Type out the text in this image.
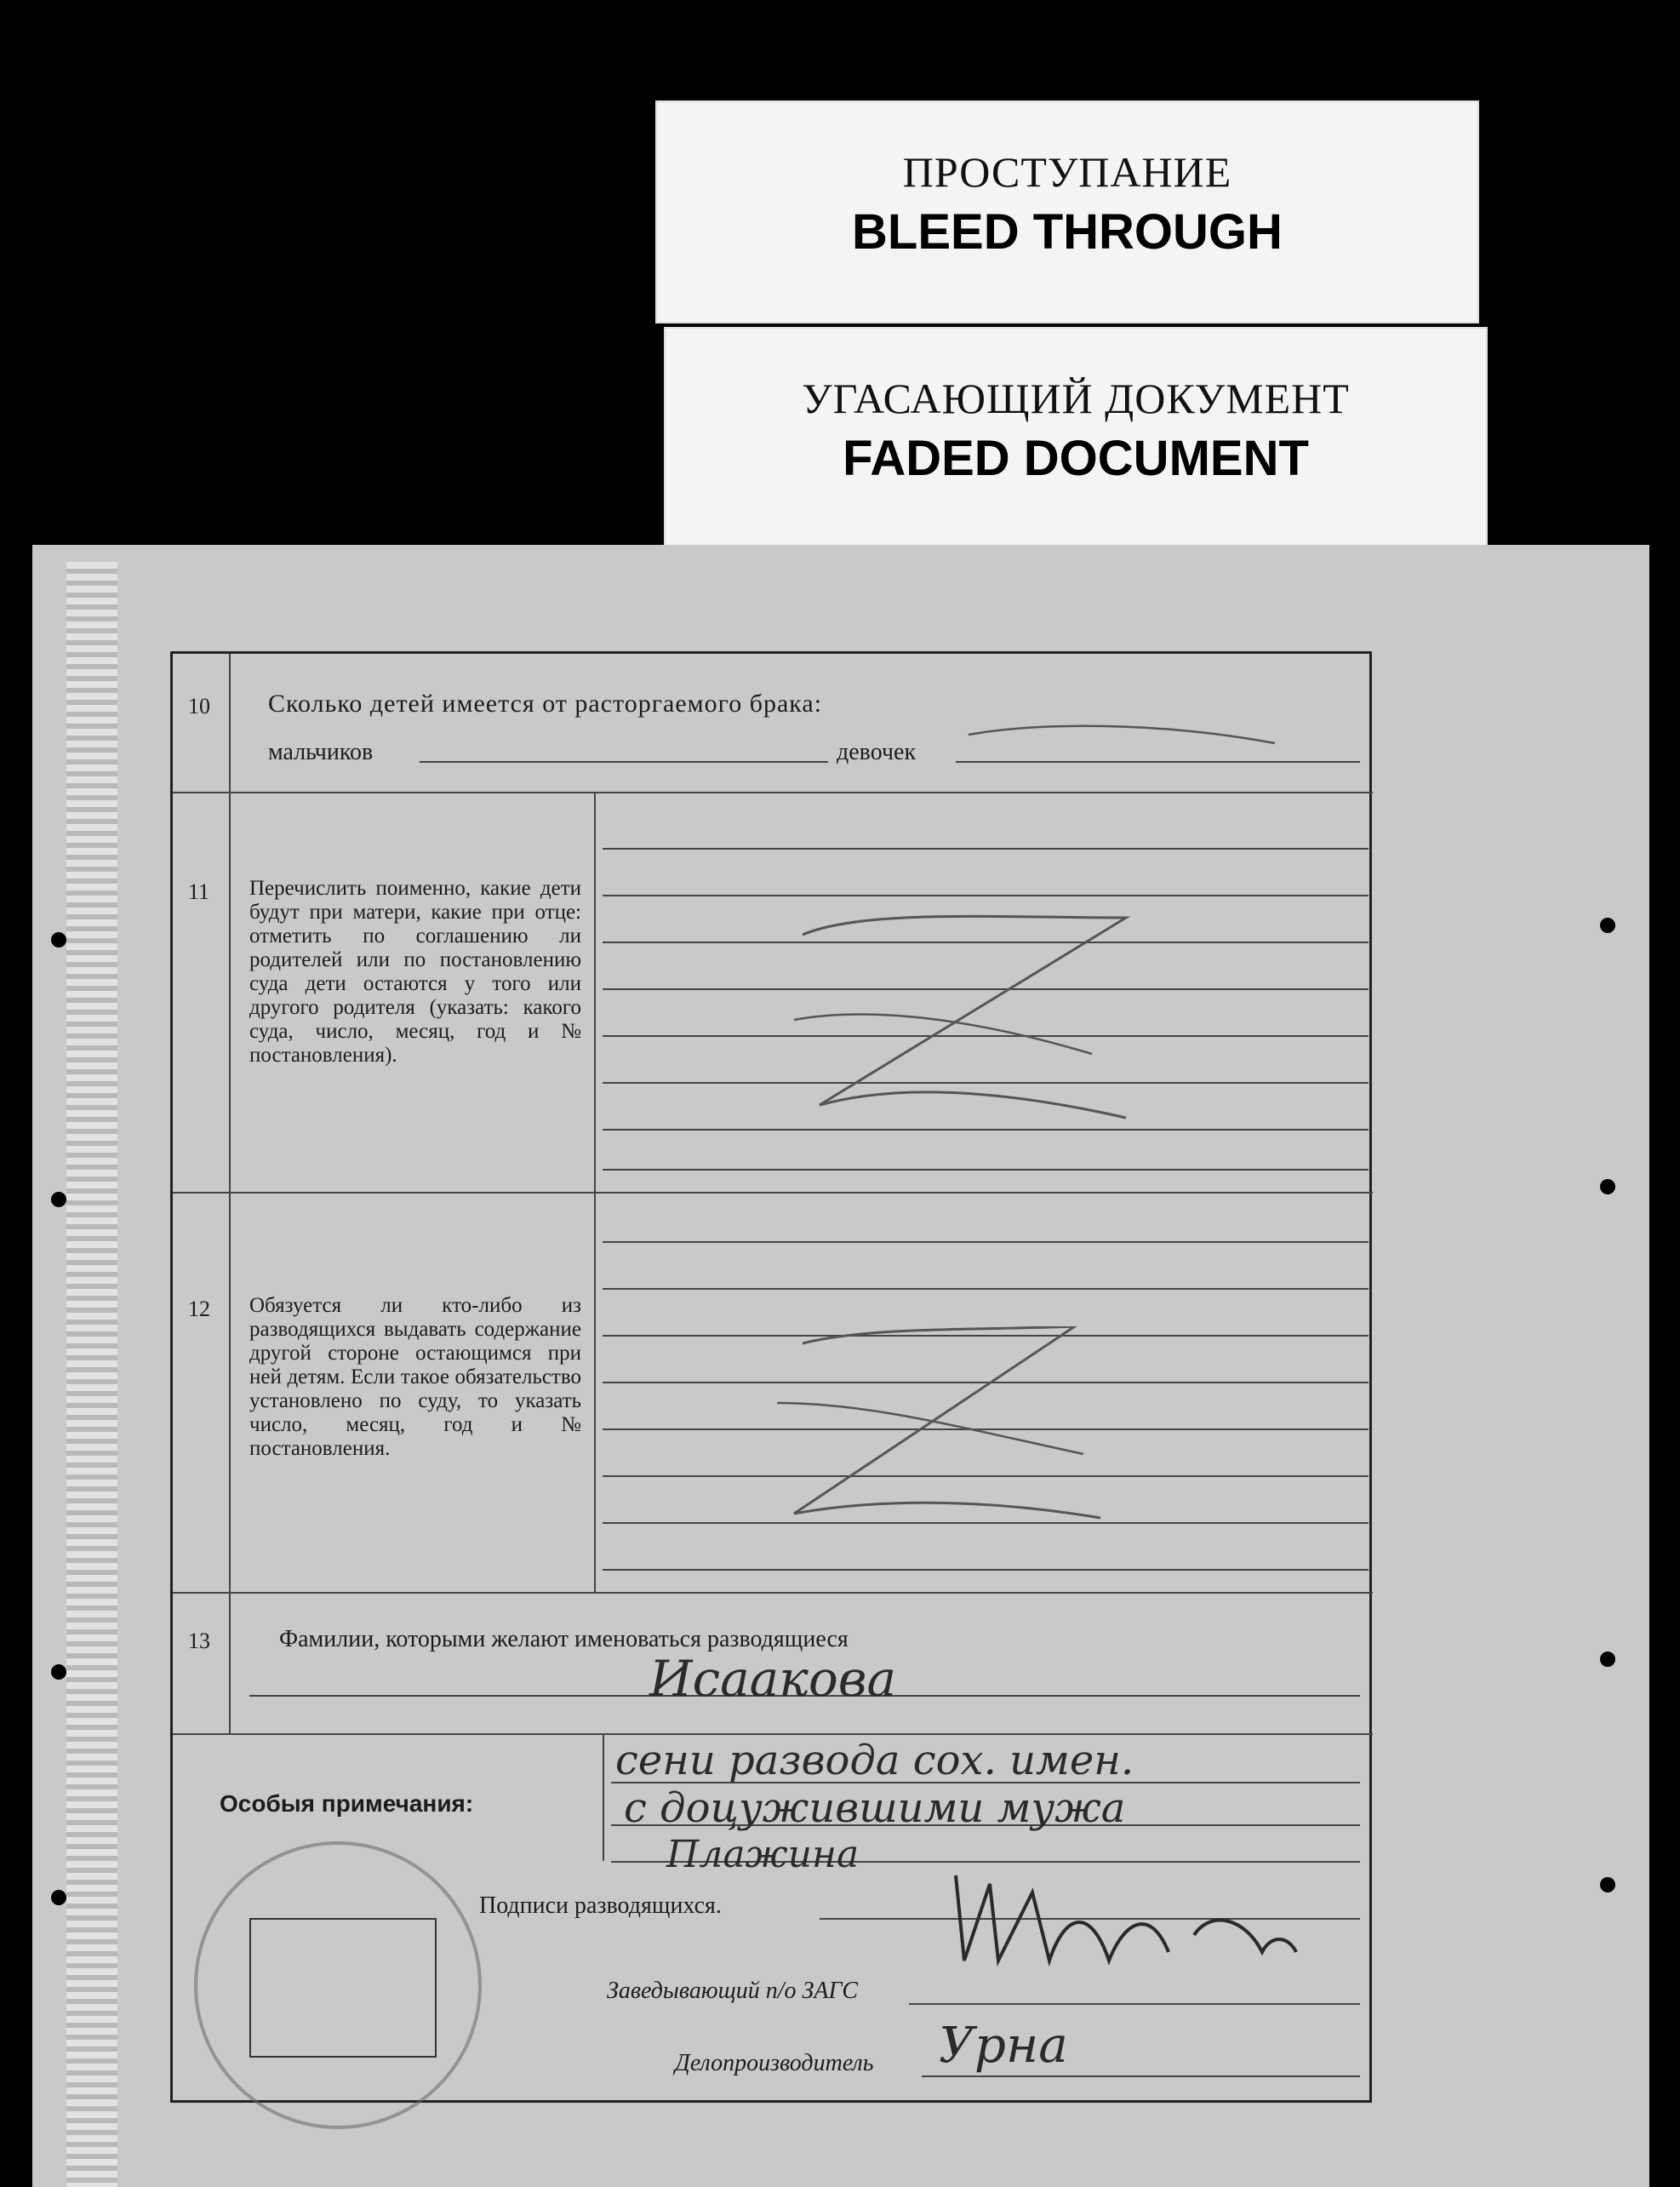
ПРОСТУПАНИЕ
BLEED THROUGH
УГАСАЮЩИЙ ДОКУМЕНТ
FADED DOCUMENT
10 Сколько детей имеется от расторгаемого брака:
мальчиков	девочек
11 Перечислить поименно, какие дети будут при матери, какие при отце: отметить по соглашению ли родителей или по постановлению суда дети остаются у того или другого родителя (указать: какого суда, число, месяц, год и № постановления).
12 Обязуется ли кто-либо из разводящихся выдавать содержание другой стороне остающимся при ней детям. Если такое обязательство установлено по суду, то указать число, месяц, год и № постановления.
13	Фамилии, которыми желают именоваться разводящиеся
Исаакова
Особыя примечания:
сени развода сох. имен.
с доцужившими мужа
Плажина
Подписи разводящихся.
Заведывающий п/о ЗАГС
Делопроизводитель Урна
